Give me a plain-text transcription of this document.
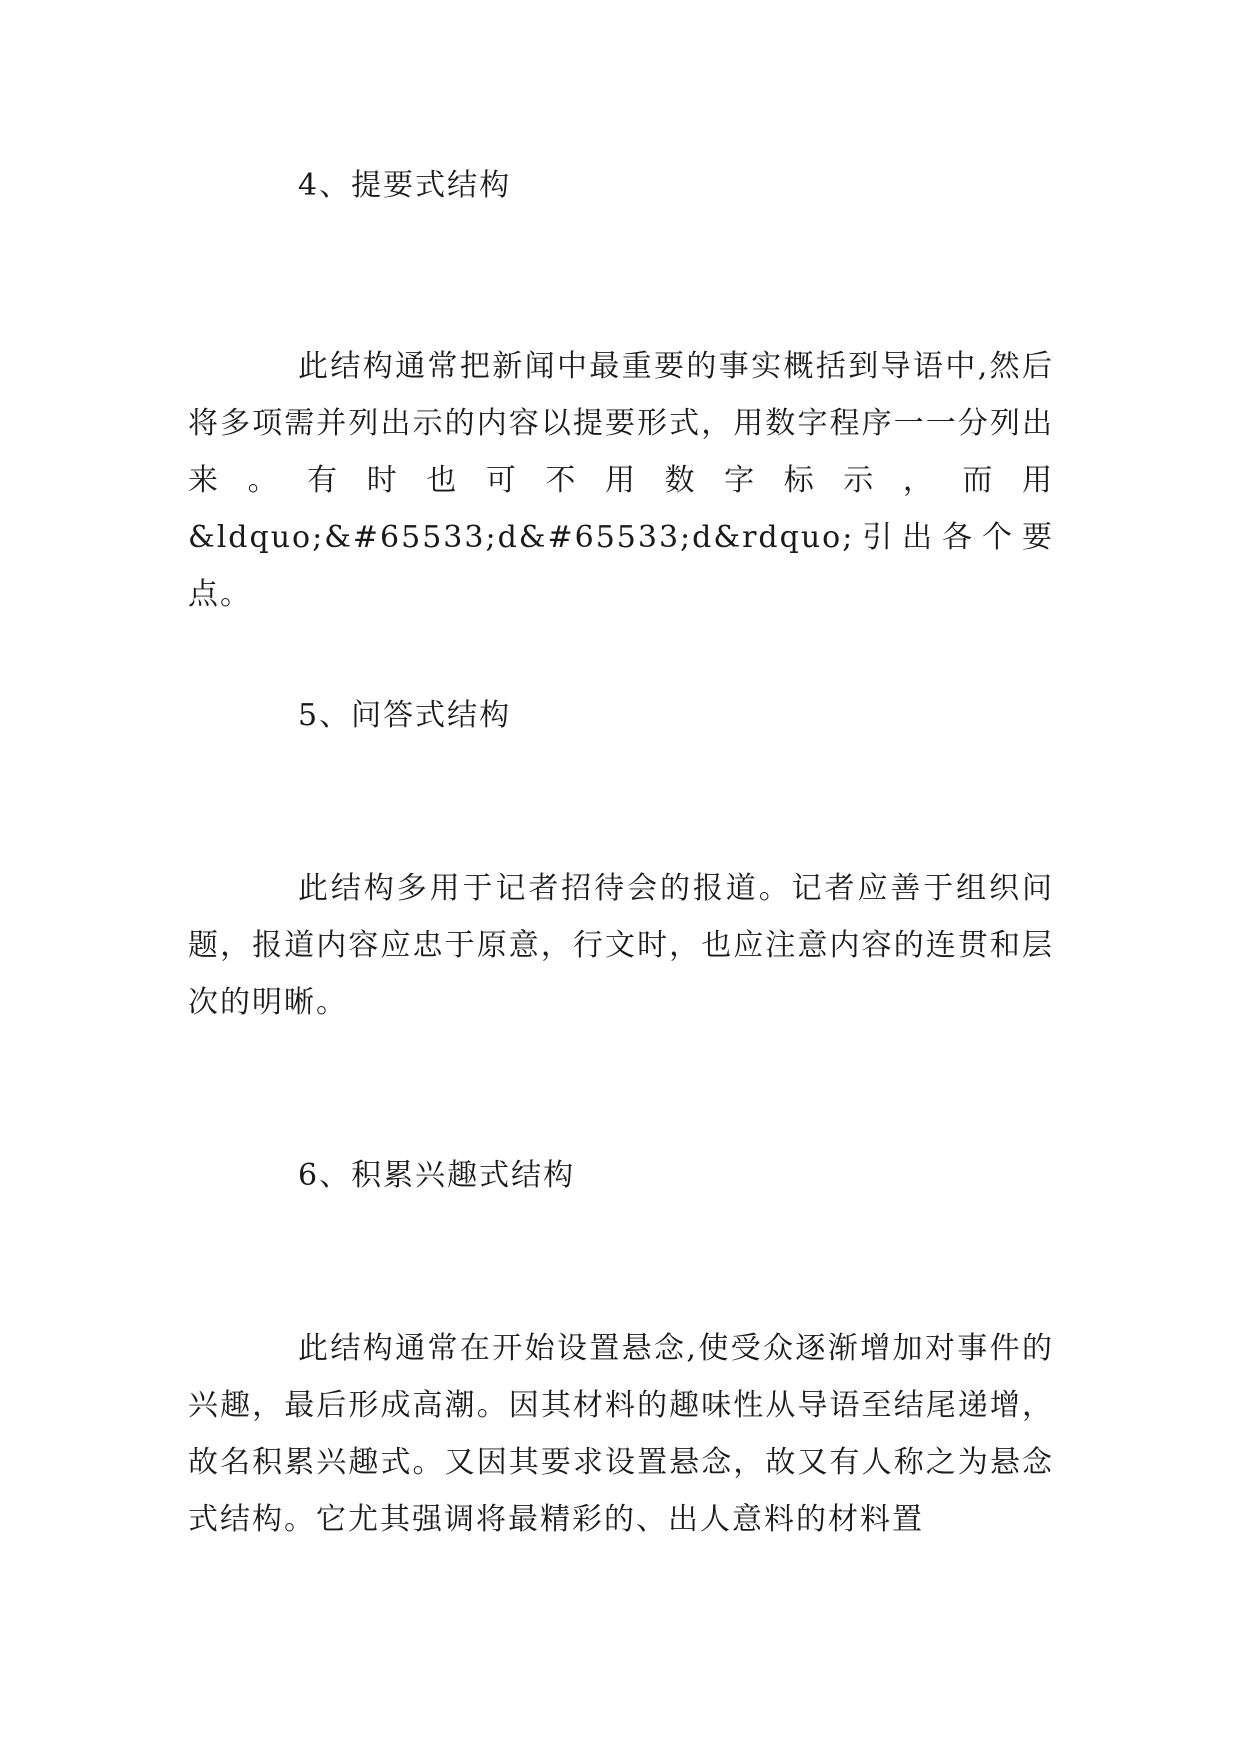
4、提要式结构

此结构通常把新闻中最重要的事实概括到导语中,然后将多项需并列出示的内容以提要形式，用数字程序一一分列出来。有时也可不用数字标示，而用&ldquo;&#65533;d&#65533;d&rdquo;引出各个要点。

5、问答式结构

此结构多用于记者招待会的报道。记者应善于组织问题，报道内容应忠于原意，行文时，也应注意内容的连贯和层次的明晰。

6、积累兴趣式结构

此结构通常在开始设置悬念,使受众逐渐增加对事件的兴趣，最后形成高潮。因其材料的趣味性从导语至结尾递增，故名积累兴趣式。又因其要求设置悬念，故又有人称之为悬念式结构。它尤其强调将最精彩的、出人意料的材料置
